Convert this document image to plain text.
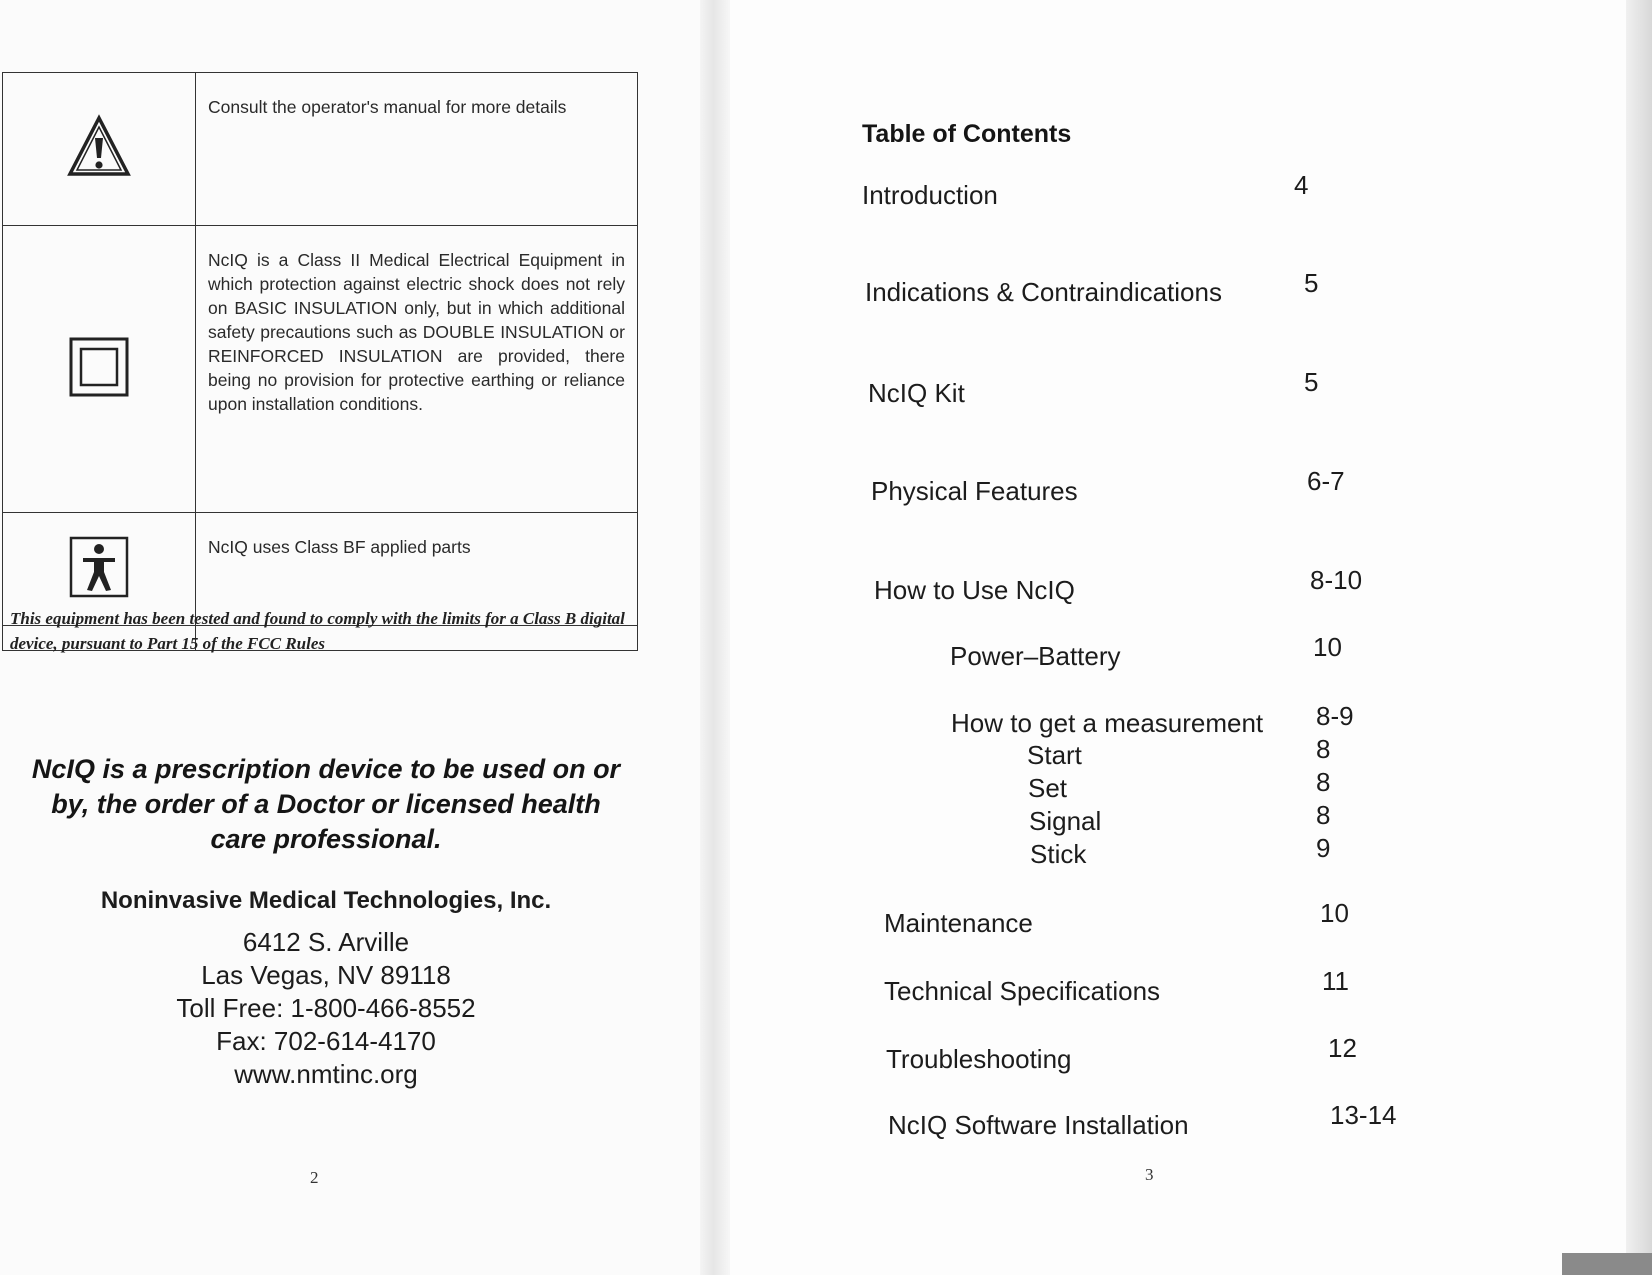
	Consult the operator's manual for more details
	NcIQ is a Class II Medical Electrical Equipment in which protection against electric shock does not rely on BASIC INSULATION only, but in which additional safety precautions such as DOUBLE INSULATION or REINFORCED INSULATION are provided, there being no provision for protective earthing or reliance upon installation conditions.
	NcIQ uses Class BF applied parts

This equipment has been tested and found to comply with the limits for a Class B digital device, pursuant to Part 15 of the FCC Rules
NcIQ is a prescription device to be used on or by, the order of a Doctor or licensed health care professional.
Noninvasive Medical Technologies, Inc.
6412 S. Arville
Las Vegas, NV 89118
Toll Free: 1-800-466-8552
Fax: 702-614-4170
www.nmtinc.org
2
Table of Contents
Introduction	4
Indications & Contraindications	5
NcIQ Kit	5
Physical Features	6-7
How to Use NcIQ	8-10
Power–Battery	10
How to get a measurement 8-9
Start	8
Set	8
Signal	8
Stick	9
Maintenance	10
Technical Specifications	11
Troubleshooting	12
NcIQ Software Installation	13-14
3
